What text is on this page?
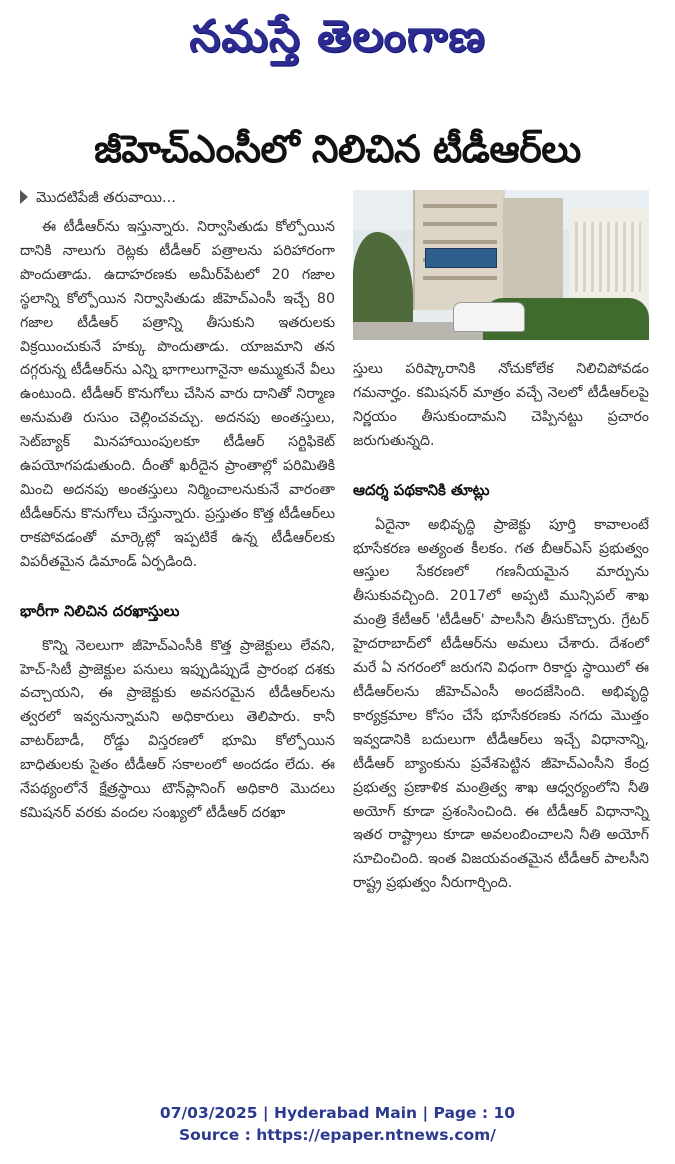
నమస్తే తెలంగాణ
జీహెచ్ఎంసీలో నిలిచిన టీడీఆర్‌లు
మొదటిపేజీ తరువాయి...

ఈ టీడీఆర్‌ను ఇస్తున్నారు. నిర్వాసితుడు కోల్పోయిన దానికి నాలుగు రెట్లకు టీడీఆర్ పత్రాలను పరిహారంగా పొందుతాడు. ఉదాహరణకు అమీర్‌పేటలో 20 గజాల స్థలాన్ని కోల్పోయిన నిర్వాసితుడు జీహెచ్ఎంసీ ఇచ్చే 80 గజాల టీడీఆర్ పత్రాన్ని తీసుకుని ఇతరులకు విక్రయించుకునే హక్కు పొందుతాడు. యాజమాని తన దగ్గరున్న టీడీఆర్‌ను ఎన్ని భాగాలుగానైనా అమ్ముకునే వీలు ఉంటుంది. టీడీఆర్ కొనుగోలు చేసిన వారు దానితో నిర్మాణ అనుమతి రుసుం చెల్లించవచ్చు. అదనపు అంతస్తులు, సెట్‌బ్యాక్ మినహాయింపులకూ టీడీఆర్ సర్టిఫికెట్ ఉపయోగపడుతుంది. దీంతో ఖరీదైన ప్రాంతాల్లో పరిమితికి మించి అదనపు అంతస్తులు నిర్మించాలనుకునే వారంతా టీడీఆర్‌ను కొనుగోలు చేస్తున్నారు. ప్రస్తుతం కొత్త టీడీఆర్‌లు రాకపోవడంతో మార్కెట్లో ఇప్పటికే ఉన్న టీడీఆర్‌లకు విపరీతమైన డిమాండ్ ఏర్పడింది.

భారీగా నిలిచిన దరఖాస్తులు

కొన్ని నెలలుగా జీహెచ్ఎంసీకి కొత్త ప్రాజెక్టులు లేవని, హెచ్-సిటీ ప్రాజెక్టుల పనులు ఇప్పుడిప్పుడే ప్రారంభ దశకు వచ్చాయని, ఈ ప్రాజెక్టుకు అవసరమైన టీడీఆర్‌లను త్వరలో ఇవ్వనున్నామని అధికారులు తెలిపారు. కానీ వాటర్‌బాడీ, రోడ్డు విస్తరణలో భూమి కోల్పోయిన బాధితులకు సైతం టీడీఆర్ సకాలంలో అందడం లేదు. ఈ నేపథ్యంలోనే క్షేత్రస్థాయి టౌన్‌ప్లానింగ్ అధికారి మొదలు కమిషనర్ వరకు వందల సంఖ్యలో టీడీఆర్ దరఖా

స్తులు పరిష్కారానికి నోచుకోలేక నిలిచిపోవడం గమనార్హం. కమిషనర్ మాత్రం వచ్చే నెలలో టీడీఆర్‌లపై నిర్ణయం తీసుకుందామని చెప్పినట్టు ప్రచారం జరుగుతున్నది.

ఆదర్శ పథకానికి తూట్లు

ఏదైనా అభివృద్ధి ప్రాజెక్టు పూర్తి కావాలంటే భూసేకరణ అత్యంత కీలకం. గత బీఆర్ఎస్ ప్రభుత్వం ఆస్తుల సేకరణలో గణనీయమైన మార్పును తీసుకువచ్చింది. 2017లో అప్పటి మున్సిపల్ శాఖ మంత్రి కేటీఆర్ 'టీడీఆర్' పాలసీని తీసుకొచ్చారు. గ్రేటర్ హైదరాబాద్‌లో టీడీఆర్‌ను అమలు చేశారు. దేశంలో మరే ఏ నగరంలో జరుగని విధంగా రికార్డు స్థాయిలో ఈ టీడీఆర్‌లను జీహెచ్ఎంసీ అందజేసింది. అభివృద్ధి కార్యక్రమాల కోసం చేసే భూసేకరణకు నగదు మొత్తం ఇవ్వడానికి బదులుగా టీడీఆర్‌లు ఇచ్చే విధానాన్ని, టీడీఆర్ బ్యాంకును ప్రవేశపెట్టిన జీహెచ్ఎంసీని కేంద్ర ప్రభుత్వ ప్రణాళిక మంత్రిత్వ శాఖ ఆధ్వర్యంలోని నీతి అయోగ్ కూడా ప్రశంసించింది. ఈ టీడీఆర్ విధానాన్ని ఇతర రాష్ట్రాలు కూడా అవలంబించాలని నీతి అయోగ్ సూచించింది. ఇంత విజయవంతమైన టీడీఆర్ పాలసీని రాష్ట్ర ప్రభుత్వం నీరుగార్చింది.

07/03/2025 | Hyderabad Main | Page : 10
Source : https://epaper.ntnews.com/
